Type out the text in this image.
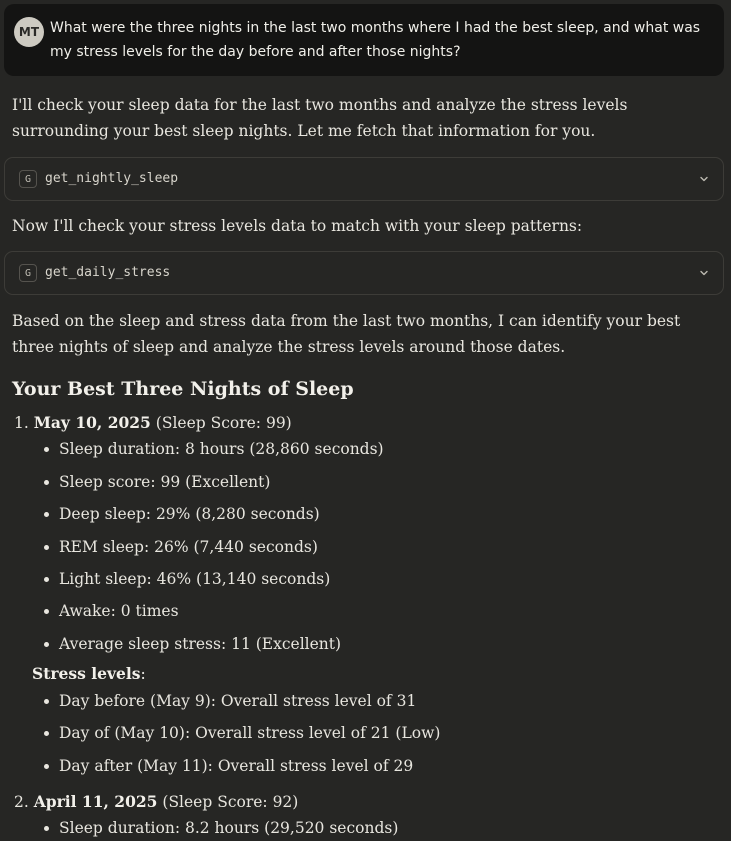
MT What were the three nights in the last two months where I had the best sleep, and what was my stress levels for the day before and after those nights?

I'll check your sleep data for the last two months and analyze the stress levels surrounding your best sleep nights. Let me fetch that information for you.

G	get_nightly_sleep

Now I'll check your stress levels data to match with your sleep patterns:

G	get_daily_stress

Based on the sleep and stress data from the last two months, I can identify your best three nights of sleep and analyze the stress levels around those dates.

Your Best Three Nights of Sleep
1. May 10, 2025 (Sleep Score: 99)
Sleep duration: 8 hours (28,860 seconds)
Sleep score: 99 (Excellent)
Deep sleep: 29% (8,280 seconds)
REM sleep: 26% (7,440 seconds)
Light sleep: 46% (13,140 seconds)
Awake: 0 times
Average sleep stress: 11 (Excellent)
Stress levels:
Day before (May 9): Overall stress level of 31
Day of (May 10): Overall stress level of 21 (Low)
Day after (May 11): Overall stress level of 29
2. April 11, 2025 (Sleep Score: 92)
Sleep duration: 8.2 hours (29,520 seconds)
